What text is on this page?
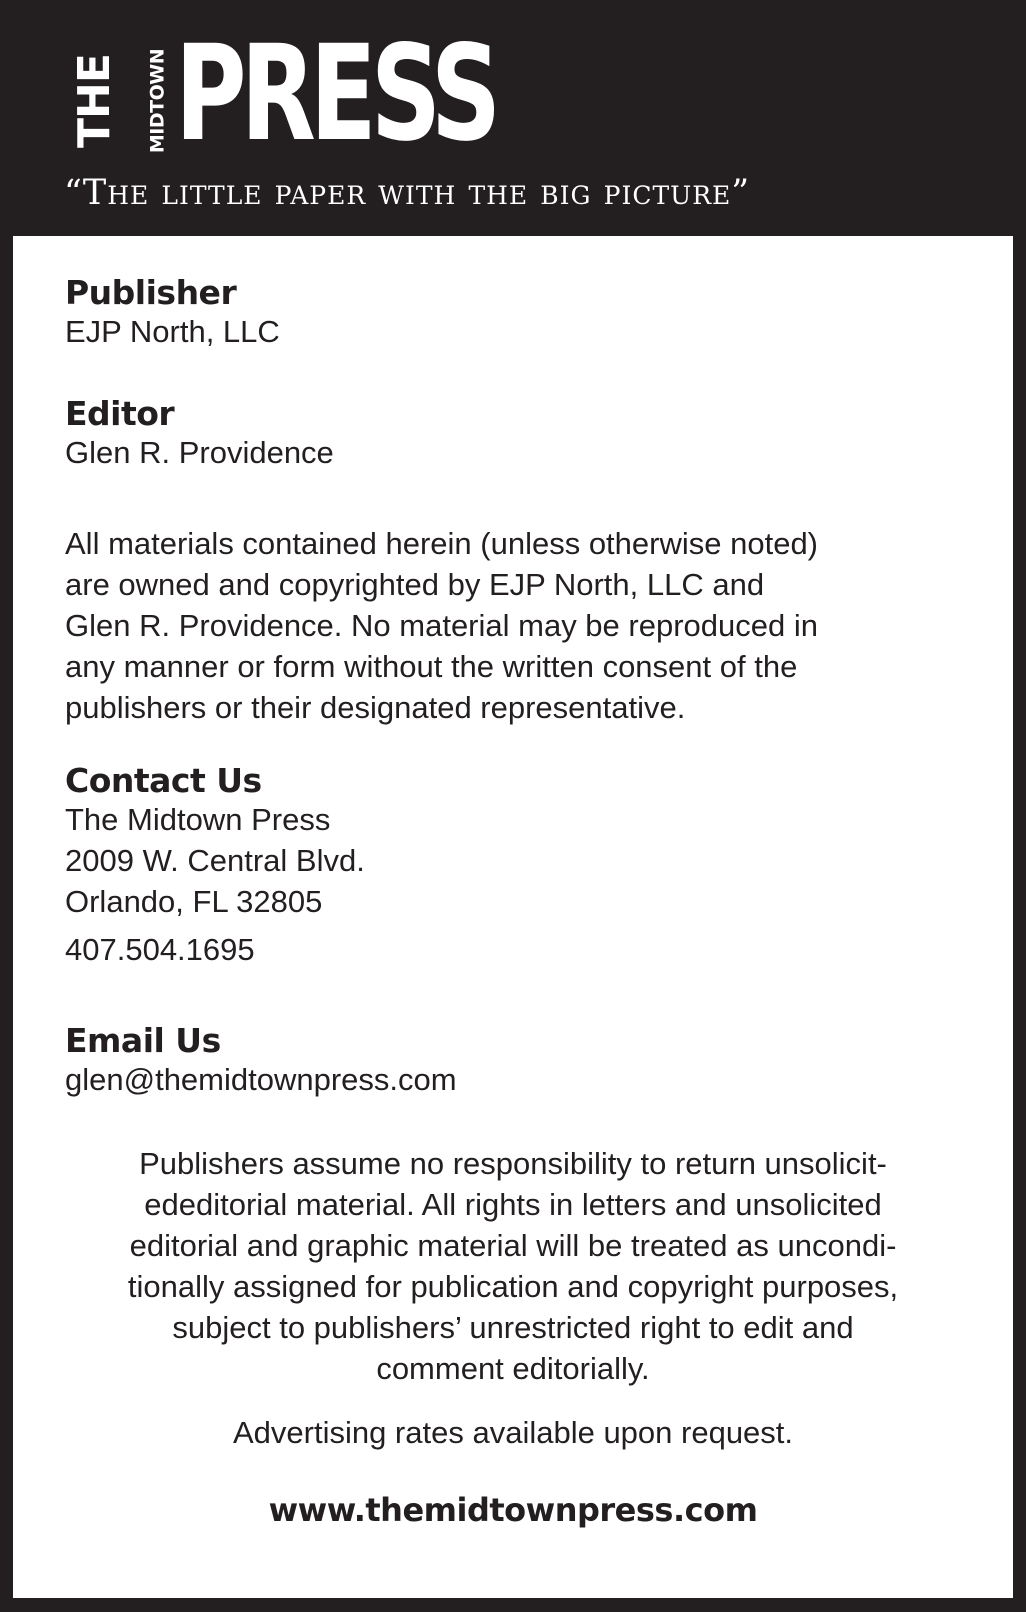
THE MIDTOWN PRESS
“The little paper with the big picture”

Publisher

EJP North, LLC

Editor

Glen R. Providence

All materials contained herein (unless otherwise noted)

are owned and copyrighted by EJP North, LLC and

Glen R. Providence. No material may be reproduced in

any manner or form without the written consent of the

publishers or their designated representative.

Contact Us

The Midtown Press

2009 W. Central Blvd.

Orlando, FL 32805

407.504.1695

Email Us

glen@themidtownpress.com

Publishers assume no responsibility to return unsolicit-

ededitorial material. All rights in letters and unsolicited

editorial and graphic material will be treated as uncondi-

tionally assigned for publication and copyright purposes,

subject to publishers’ unrestricted right to edit and

comment editorially.

Advertising rates available upon request.

www.themidtownpress.com
